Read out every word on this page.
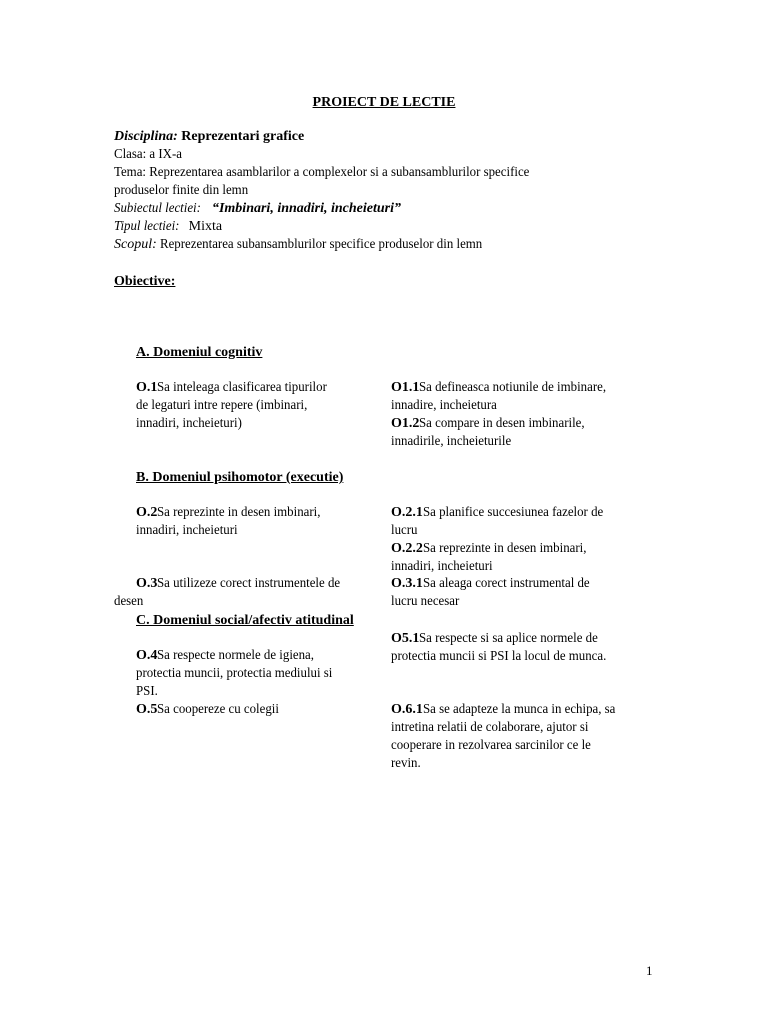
PROIECT DE LECTIE
Disciplina: Reprezentari grafice
Clasa: a IX-a
Tema: Reprezentarea asamblarilor a complexelor si a subansamblurilor specifice
produselor finite din lemn
Subiectul lectiei: “Imbinari, innadiri, incheieturi”
Tipul lectiei: Mixta
Scopul: Reprezentarea subansamblurilor specifice produselor din lemn
Obiective:
A. Domeniul cognitiv
O.1Sa inteleaga clasificarea tipurilor
de legaturi intre repere (imbinari,
innadiri, incheieturi)
O1.1Sa defineasca notiunile de imbinare,
innadire, incheietura
O1.2Sa compare in desen imbinarile,
innadirile, incheieturile
B. Domeniul psihomotor (executie)
O.2Sa reprezinte in desen imbinari,
innadiri, incheieturi
O.2.1Sa planifice succesiunea fazelor de
lucru
O.2.2Sa reprezinte in desen imbinari,
innadiri, incheieturi
O.3Sa utilizeze corect instrumentele de
desen
O.3.1Sa aleaga corect instrumental de
lucru necesar
C. Domeniul social/afectiv atitudinal
O5.1Sa respecte si sa aplice normele de
protectia muncii si PSI la locul de munca.
O.4Sa respecte normele de igiena,
protectia muncii, protectia mediului si
PSI.
O.5Sa coopereze cu colegii	O.6.1Sa se adapteze la munca in echipa, sa
intretina relatii de colaborare, ajutor si
cooperare in rezolvarea sarcinilor ce le
revin.
1
